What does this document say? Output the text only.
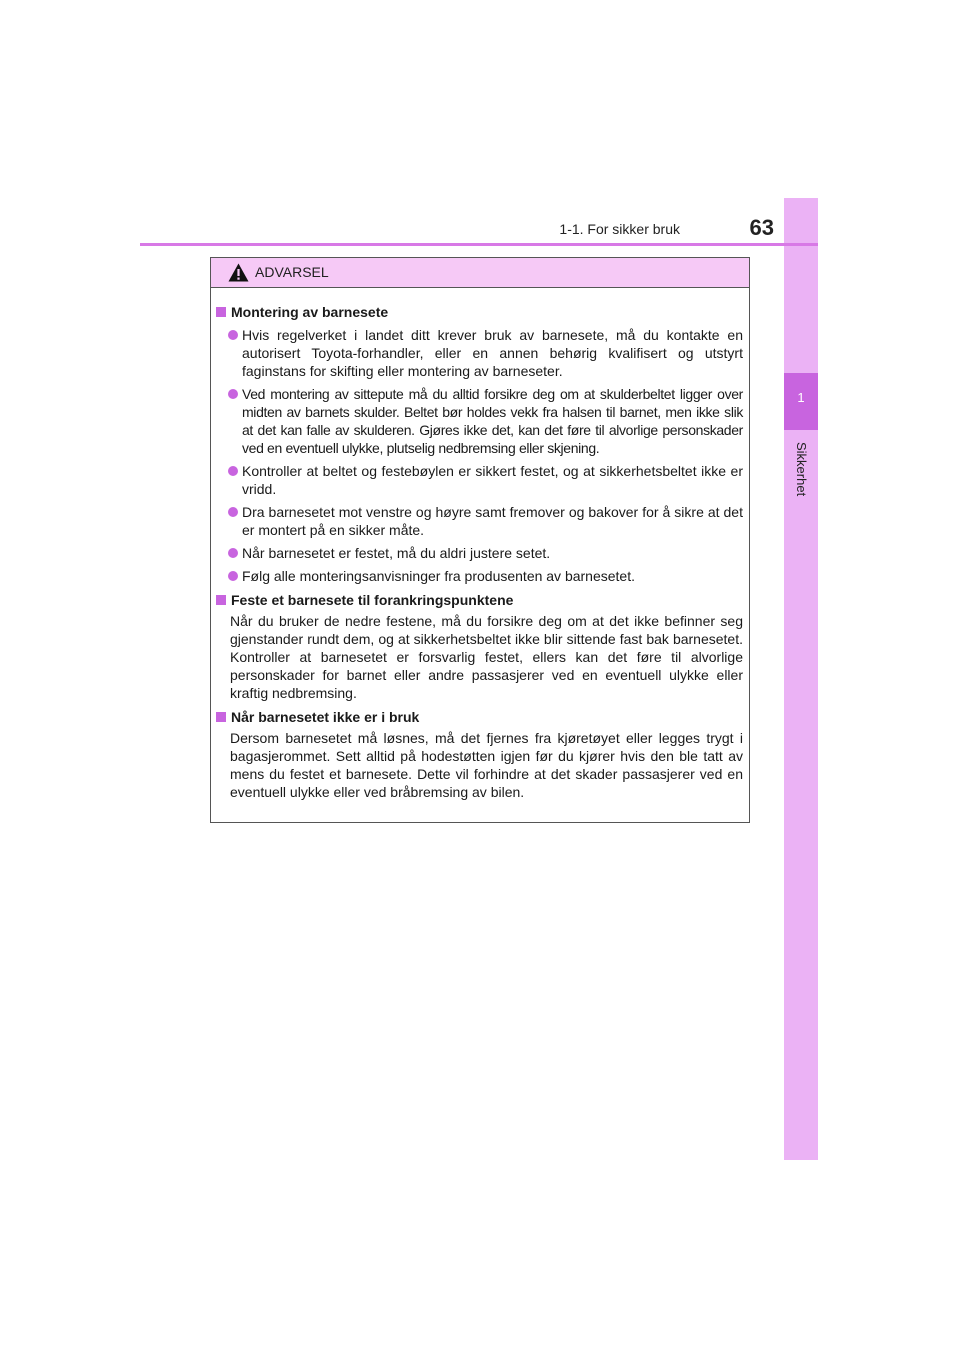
1
Sikkerhet
1-1. For sikker bruk	63
ADVARSEL
Montering av barnesete
Hvis regelverket i landet ditt krever bruk av barnesete, må du kontakte en autorisert Toyota-forhandler, eller en annen behørig kvalifisert og utstyrt faginstans for skifting eller montering av barneseter.
Ved montering av sittepute må du alltid forsikre deg om at skulderbeltet ligger over midten av barnets skulder. Beltet bør holdes vekk fra halsen til barnet, men ikke slik at det kan falle av skulderen. Gjøres ikke det, kan det føre til alvorlige personskader ved en eventuell ulykke, plutselig nedbremsing eller skjening.
Kontroller at beltet og festebøylen er sikkert festet, og at sikkerhetsbeltet ikke er vridd.
Dra barnesetet mot venstre og høyre samt fremover og bakover for å sikre at det er montert på en sikker måte.
Når barnesetet er festet, må du aldri justere setet.
Følg alle monteringsanvisninger fra produsenten av barnesetet.
Feste et barnesete til forankringspunktene
Når du bruker de nedre festene, må du forsikre deg om at det ikke befinner seg gjenstander rundt dem, og at sikkerhetsbeltet ikke blir sittende fast bak barnesetet. Kontroller at barnesetet er forsvarlig festet, ellers kan det føre til alvorlige personskader for barnet eller andre passasjerer ved en eventuell ulykke eller kraftig nedbremsing.
Når barnesetet ikke er i bruk
Dersom barnesetet må løsnes, må det fjernes fra kjøretøyet eller legges trygt i bagasjerommet. Sett alltid på hodestøtten igjen før du kjører hvis den ble tatt av mens du festet et barnesete. Dette vil forhindre at det skader passasjerer ved en eventuell ulykke eller ved bråbremsing av bilen.
